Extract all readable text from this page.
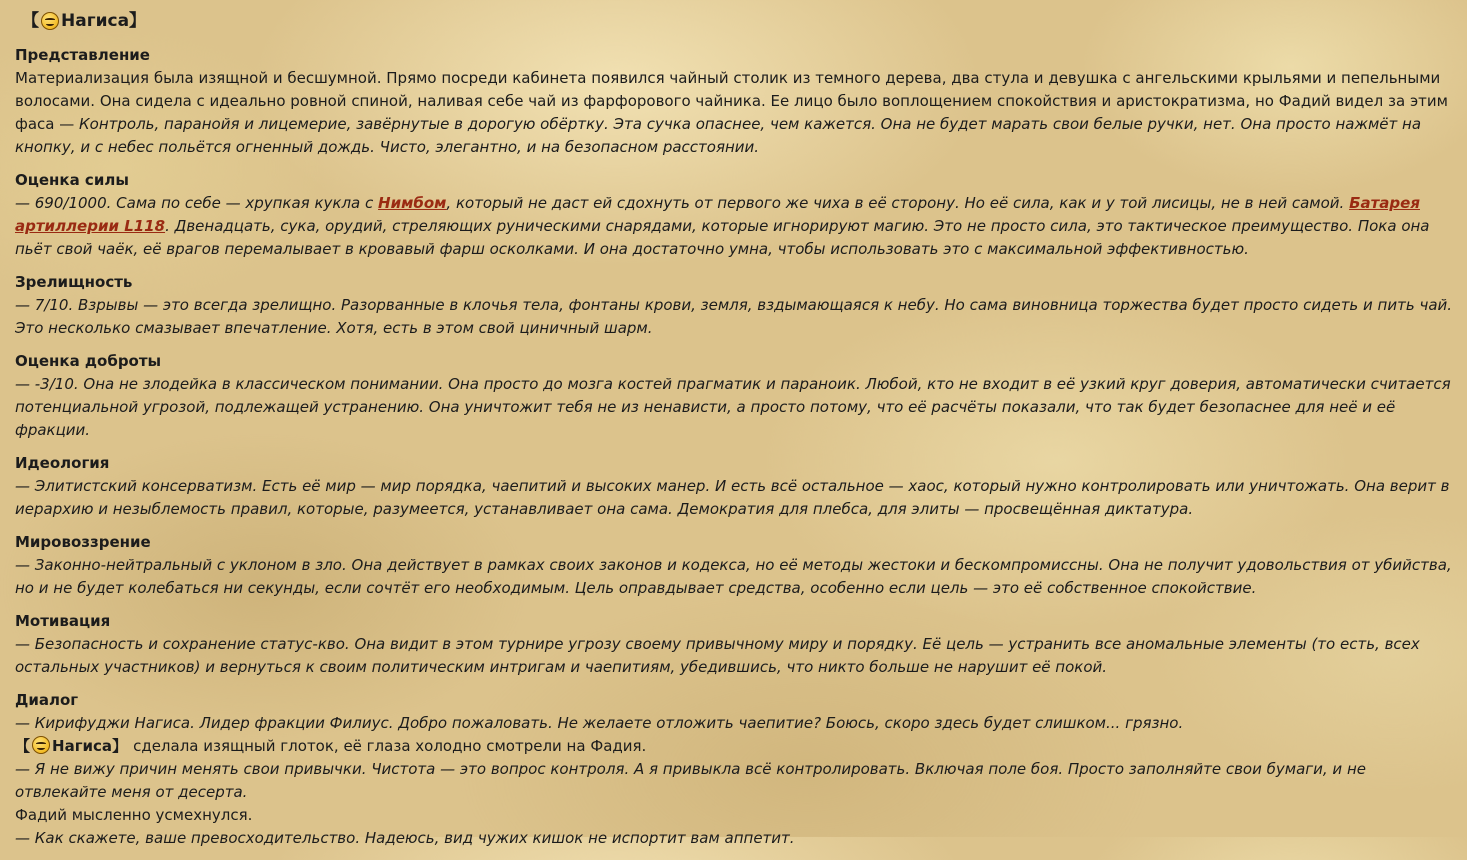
【 Нагиса 】
Представление
Материализация была изящной и бесшумной. Прямо посреди кабинета появился чайный столик из темного дерева, два стула и девушка с ангельскими крыльями и пепельными волосами. Она сидела с идеально ровной спиной, наливая себе чай из фарфорового чайника. Ее лицо было воплощением спокойствия и аристократизма, но Фадий видел за этим фаса — Контроль, паранойя и лицемерие, завёрнутые в дорогую обёртку. Эта сучка опаснее, чем кажется. Она не будет марать свои белые ручки, нет. Она просто нажмёт на кнопку, и с небес польётся огненный дождь. Чисто, элегантно, и на безопасном расстоянии.
Оценка силы
— 690/1000. Сама по себе — хрупкая кукла с Нимбом, который не даст ей сдохнуть от первого же чиха в её сторону. Но её сила, как и у той лисицы, не в ней самой. Батарея артиллерии L118. Двенадцать, сука, орудий, стреляющих руническими снарядами, которые игнорируют магию. Это не просто сила, это тактическое преимущество. Пока она пьёт свой чаёк, её врагов перемалывает в кровавый фарш осколками. И она достаточно умна, чтобы использовать это с максимальной эффективностью.
Зрелищность
— 7/10. Взрывы — это всегда зрелищно. Разорванные в клочья тела, фонтаны крови, земля, вздымающаяся к небу. Но сама виновница торжества будет просто сидеть и пить чай. Это несколько смазывает впечатление. Хотя, есть в этом свой циничный шарм.
Оценка доброты
— -3/10. Она не злодейка в классическом понимании. Она просто до мозга костей прагматик и параноик. Любой, кто не входит в её узкий круг доверия, автоматически считается потенциальной угрозой, подлежащей устранению. Она уничтожит тебя не из ненависти, а просто потому, что её расчёты показали, что так будет безопаснее для неё и её фракции.
Идеология
— Элитистский консерватизм. Есть её мир — мир порядка, чаепитий и высоких манер. И есть всё остальное — хаос, который нужно контролировать или уничтожать. Она верит в иерархию и незыблемость правил, которые, разумеется, устанавливает она сама. Демократия для плебса, для элиты — просвещённая диктатура.
Мировоззрение
— Законно-нейтральный с уклоном в зло. Она действует в рамках своих законов и кодекса, но её методы жестоки и бескомпромиссны. Она не получит удовольствия от убийства, но и не будет колебаться ни секунды, если сочтёт его необходимым. Цель оправдывает средства, особенно если цель — это её собственное спокойствие.
Мотивация
— Безопасность и сохранение статус-кво. Она видит в этом турнире угрозу своему привычному миру и порядку. Её цель — устранить все аномальные элементы (то есть, всех остальных участников) и вернуться к своим политическим интригам и чаепитиям, убедившись, что никто больше не нарушит её покой.
Диалог
— Кирифуджи Нагиса. Лидер фракции Филиус. Добро пожаловать. Не желаете отложить чаепитие? Боюсь, скоро здесь будет слишком... грязно.
【 Нагиса】 сделала изящный глоток, её глаза холодно смотрели на Фадия.
— Я не вижу причин менять свои привычки. Чистота — это вопрос контроля. А я привыкла всё контролировать. Включая поле боя. Просто заполняйте свои бумаги, и не отвлекайте меня от десерта.
Фадий мысленно усмехнулся.
— Как скажете, ваше превосходительство. Надеюсь, вид чужих кишок не испортит вам аппетит.
